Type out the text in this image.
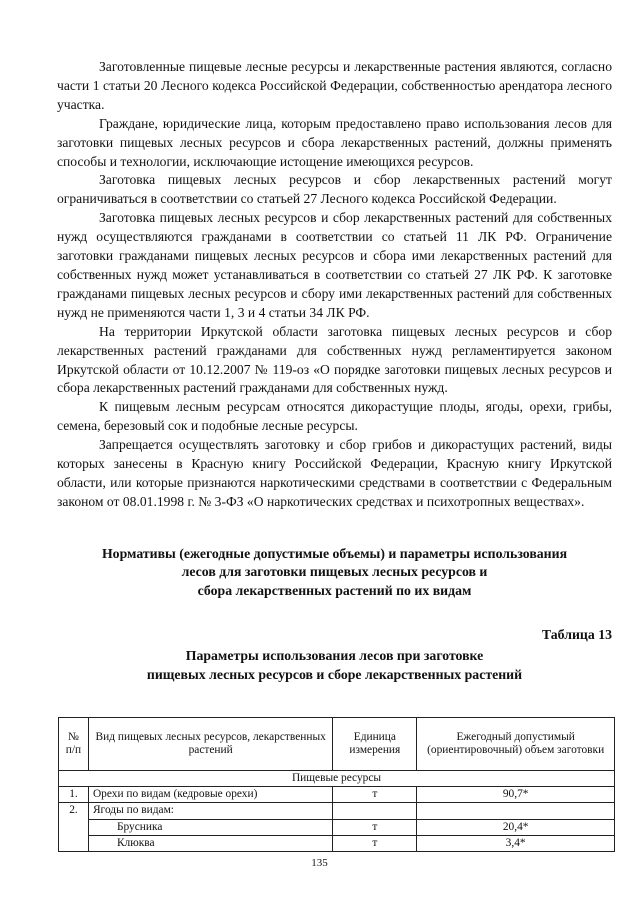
Заготовленные пищевые лесные ресурсы и лекарственные растения являются, согласно части 1 статьи 20 Лесного кодекса Российской Федерации, собственностью арендатора лесного участка.

Граждане, юридические лица, которым предоставлено право использования лесов для заготовки пищевых лесных ресурсов и сбора лекарственных растений, должны применять способы и технологии, исключающие истощение имеющихся ресурсов.

Заготовка пищевых лесных ресурсов и сбор лекарственных растений могут ограничиваться в соответствии со статьей 27 Лесного кодекса Российской Федерации.

Заготовка пищевых лесных ресурсов и сбор лекарственных растений для собственных нужд осуществляются гражданами в соответствии со статьей 11 ЛК РФ. Ограничение заготовки гражданами пищевых лесных ресурсов и сбора ими лекарственных растений для собственных нужд может устанавливаться в соответствии со статьей 27 ЛК РФ. К заготовке гражданами пищевых лесных ресурсов и сбору ими лекарственных растений для собственных нужд не применяются части 1, 3 и 4 статьи 34 ЛК РФ.

На территории Иркутской области заготовка пищевых лесных ресурсов и сбор лекарственных растений гражданами для собственных нужд регламентируется законом Иркутской области от 10.12.2007 № 119-оз «О порядке заготовки пищевых лесных ресурсов и сбора лекарственных растений гражданами для собственных нужд.

К пищевым лесным ресурсам относятся дикорастущие плоды, ягоды, орехи, грибы, семена, березовый сок и подобные лесные ресурсы.

Запрещается осуществлять заготовку и сбор грибов и дикорастущих растений, виды которых занесены в Красную книгу Российской Федерации, Красную книгу Иркутской области, или которые признаются наркотическими средствами в соответствии с Федеральным законом от 08.01.1998 г. № 3-ФЗ «О наркотических средствах и психотропных веществах».

Нормативы (ежегодные допустимые объемы) и параметры использования
лесов для заготовки пищевых лесных ресурсов и
сбора лекарственных растений по их видам
Таблица 13
Параметры использования лесов при заготовке
пищевых лесных ресурсов и сборе лекарственных растений
№ п/п	Вид пищевых лесных ресурсов, лекарственных растений	Единица измерения	Ежегодный допустимый (ориентировочный) объем заготовки
Пищевые ресурсы			
1.	Орехи по видам (кедровые орехи)	т	90,7*
2.	Ягоды по видам:		
	Брусника	т	20,4*
	Клюква	т	3,4*
135
